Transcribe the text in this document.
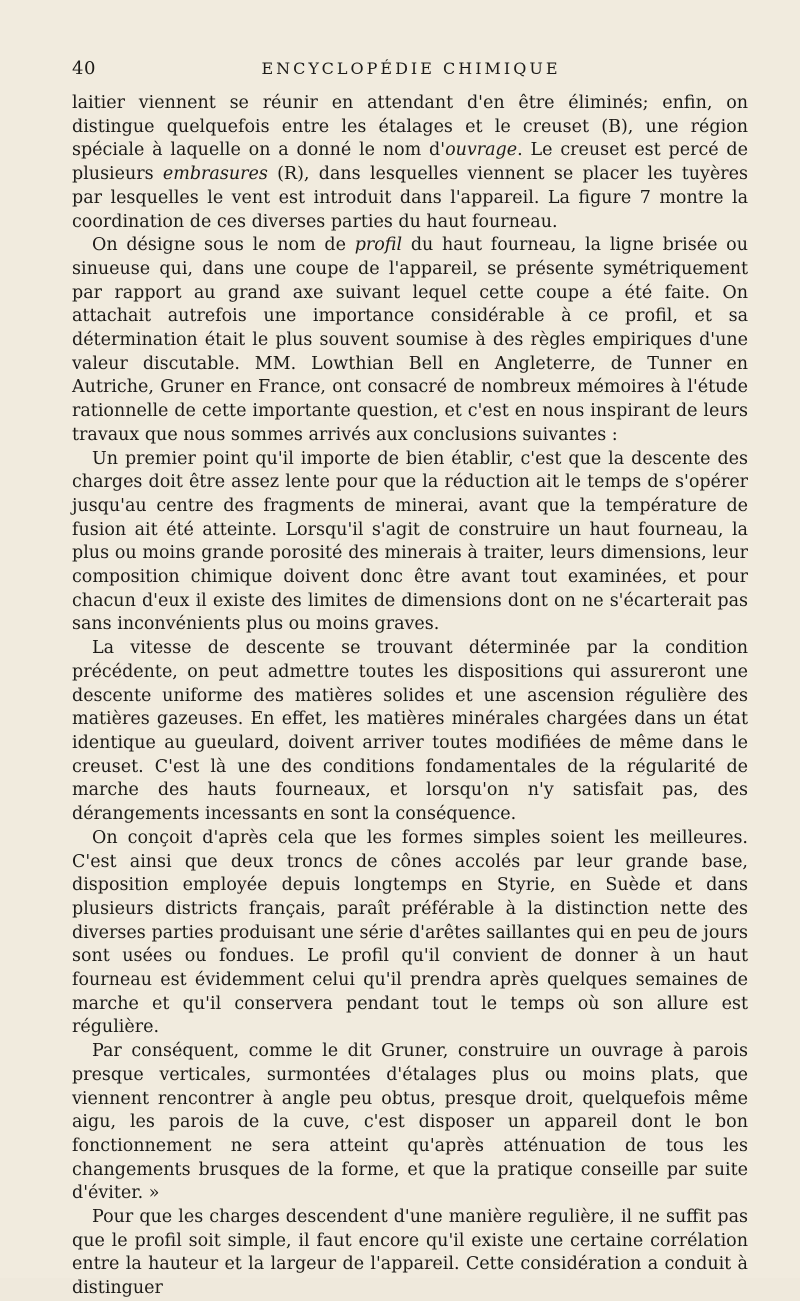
40	ENCYCLOPÉDIE CHIMIQUE

laitier viennent se réunir en attendant d'en être éliminés; enfin, on distingue quelquefois entre les étalages et le creuset (B), une région spéciale à laquelle on a donné le nom d'ouvrage. Le creuset est percé de plusieurs embrasures (R), dans lesquelles viennent se placer les tuyères par lesquelles le vent est introduit dans l'appareil. La figure 7 montre la coordination de ces diverses parties du haut fourneau.

On désigne sous le nom de profil du haut fourneau, la ligne brisée ou sinueuse qui, dans une coupe de l'appareil, se présente symétriquement par rapport au grand axe suivant lequel cette coupe a été faite. On attachait autrefois une importance considérable à ce profil, et sa détermination était le plus souvent soumise à des règles empiriques d'une valeur discutable. MM. Lowthian Bell en Angleterre, de Tunner en Autriche, Gruner en France, ont consacré de nombreux mémoires à l'étude rationnelle de cette importante question, et c'est en nous inspirant de leurs travaux que nous sommes arrivés aux conclusions suivantes :

Un premier point qu'il importe de bien établir, c'est que la descente des charges doit être assez lente pour que la réduction ait le temps de s'opérer jusqu'au centre des fragments de minerai, avant que la température de fusion ait été atteinte. Lorsqu'il s'agit de construire un haut fourneau, la plus ou moins grande porosité des minerais à traiter, leurs dimensions, leur composition chimique doivent donc être avant tout examinées, et pour chacun d'eux il existe des limites de dimensions dont on ne s'écarterait pas sans inconvénients plus ou moins graves.

La vitesse de descente se trouvant déterminée par la condition précédente, on peut admettre toutes les dispositions qui assureront une descente uniforme des matières solides et une ascension régulière des matières gazeuses. En effet, les matières minérales chargées dans un état identique au gueulard, doivent arriver toutes modifiées de même dans le creuset. C'est là une des conditions fondamentales de la régularité de marche des hauts fourneaux, et lorsqu'on n'y satisfait pas, des dérangements incessants en sont la conséquence.

On conçoit d'après cela que les formes simples soient les meilleures. C'est ainsi que deux troncs de cônes accolés par leur grande base, disposition employée depuis longtemps en Styrie, en Suède et dans plusieurs districts français, paraît préférable à la distinction nette des diverses parties produisant une série d'arêtes saillantes qui en peu de jours sont usées ou fondues. Le profil qu'il convient de donner à un haut fourneau est évidemment celui qu'il prendra après quelques semaines de marche et qu'il conservera pendant tout le temps où son allure est régulière.

Par conséquent, comme le dit Gruner, construire un ouvrage à parois presque verticales, surmontées d'étalages plus ou moins plats, que viennent rencontrer à angle peu obtus, presque droit, quelquefois même aigu, les parois de la cuve, c'est disposer un appareil dont le bon fonctionnement ne sera atteint qu'après atténuation de tous les changements brusques de la forme, et que la pratique conseille par suite d'éviter. »

Pour que les charges descendent d'une manière regulière, il ne suffit pas que le profil soit simple, il faut encore qu'il existe une certaine corrélation entre la hauteur et la largeur de l'appareil. Cette considération a conduit à distinguer
